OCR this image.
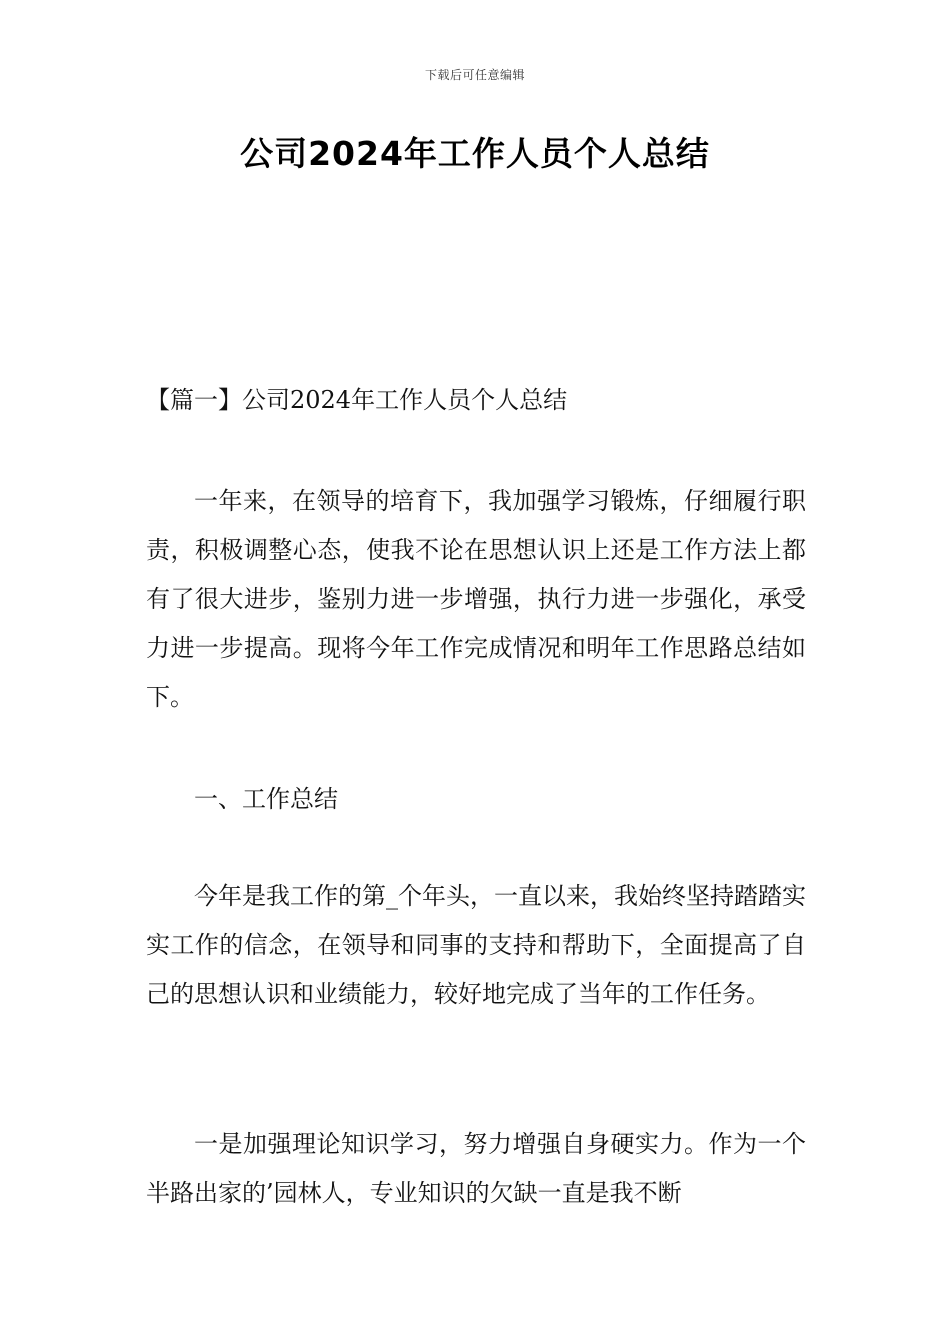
下载后可任意编辑
公司2024年工作人员个人总结
【篇一】公司2024年工作人员个人总结

一年来，在领导的培育下，我加强学习锻炼，仔细履行职责，积极调整心态，使我不论在思想认识上还是工作方法上都有了很大进步，鉴别力进一步增强，执行力进一步强化，承受力进一步提高。现将今年工作完成情况和明年工作思路总结如下。

一、工作总结

今年是我工作的第_个年头，一直以来，我始终坚持踏踏实实工作的信念，在领导和同事的支持和帮助下，全面提高了自己的思想认识和业绩能力，较好地完成了当年的工作任务。

一是加强理论知识学习，努力增强自身硬实力。作为一个半路出家的’园林人，专业知识的欠缺一直是我不断
